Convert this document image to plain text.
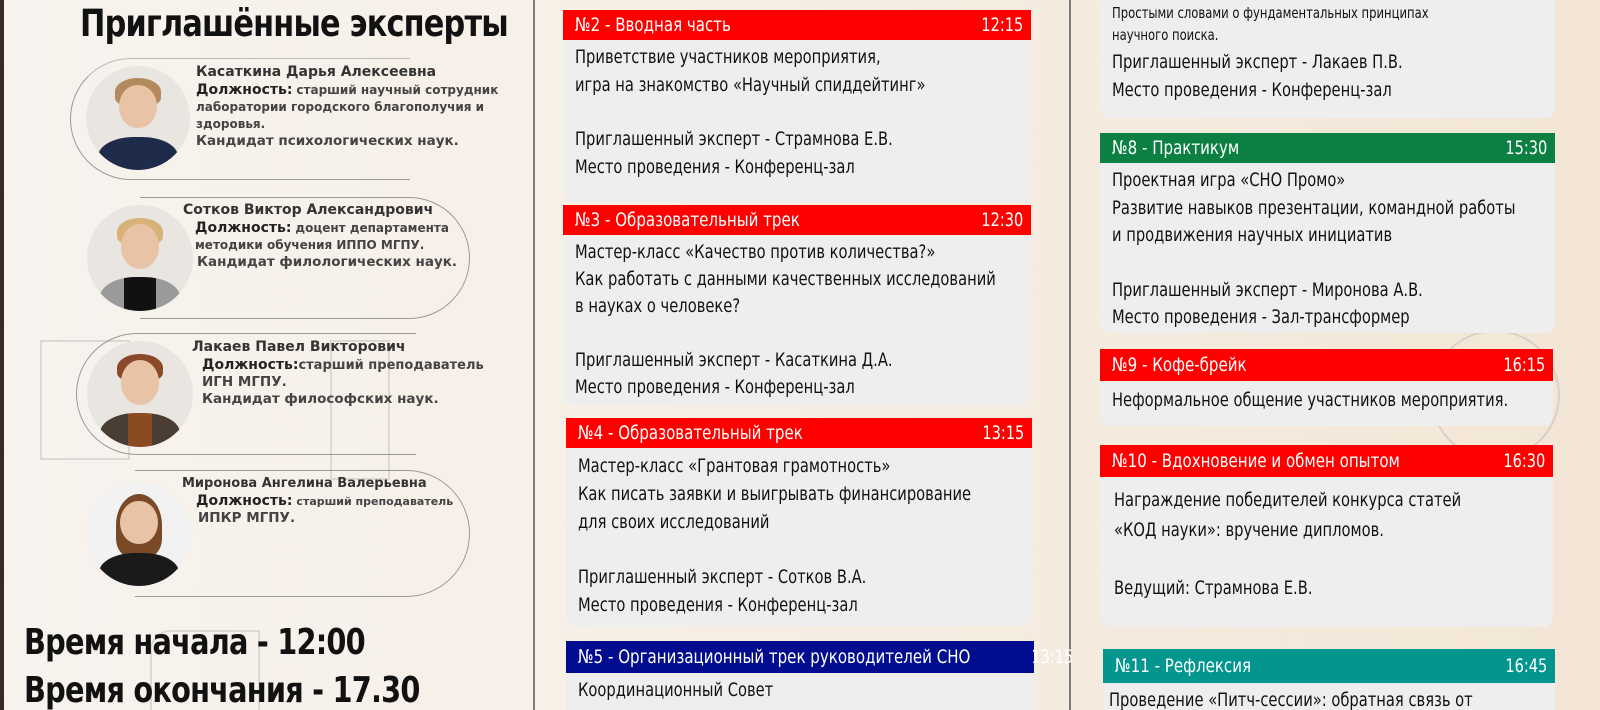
Приглашённые эксперты
Касаткина Дарья Алексеевна
Должность: старший научный сотрудник
лаборатории городского благополучия и
здоровья.
Кандидат психологических наук.
Сотков Виктор Александрович
Должность: доцент департамента
методики обучения ИППО МГПУ.
Кандидат филологических наук.
Лакаев Павел Викторович
Должность:старший преподаватель
ИГН МГПУ.
Кандидат философских наук.
Миронова Ангелина Валерьевна
Должность: старший преподаватель
ИПКР МГПУ.
Время начала - 12:00
Время окончания - 17.30
№2 - Вводная часть	12:15
Приветствие участников мероприятия,
игра на знакомство «Научный спиддейтинг»
Приглашенный эксперт - Страмнова Е.В.
Место проведения - Конференц-зал
№3 - Образовательный трек	12:30
Мастер-класс «Качество против количества?»
Как работать с данными качественных исследований
в науках о человеке?
Приглашенный эксперт - Касаткина Д.А.
Место проведения - Конференц-зал
№4 - Образовательный трек	13:15
Мастер-класс «Грантовая грамотность»
Как писать заявки и выигрывать финансирование
для своих исследований
Приглашенный эксперт - Сотков В.А.
Место проведения - Конференц-зал
№5 - Организационный трек руководителей СНО	13:15
Координационный Совет
Простыми словами о фундаментальных принципах
научного поиска.
Приглашенный эксперт - Лакаев П.В.
Место проведения - Конференц-зал
№8 - Практикум	15:30
Проектная игра «СНО Промо»
Развитие навыков презентации, командной работы
и продвижения научных инициатив
Приглашенный эксперт - Миронова А.В.
Место проведения - Зал-трансформер
№9 - Кофе-брейк	16:15
Неформальное общение участников мероприятия.
№10 - Вдохновение и обмен опытом	16:30
Награждение победителей конкурса статей
«КОД науки»: вручение дипломов.
Ведущий: Страмнова Е.В.
№11 - Рефлексия	16:45
Проведение «Питч-сессии»: обратная связь от
